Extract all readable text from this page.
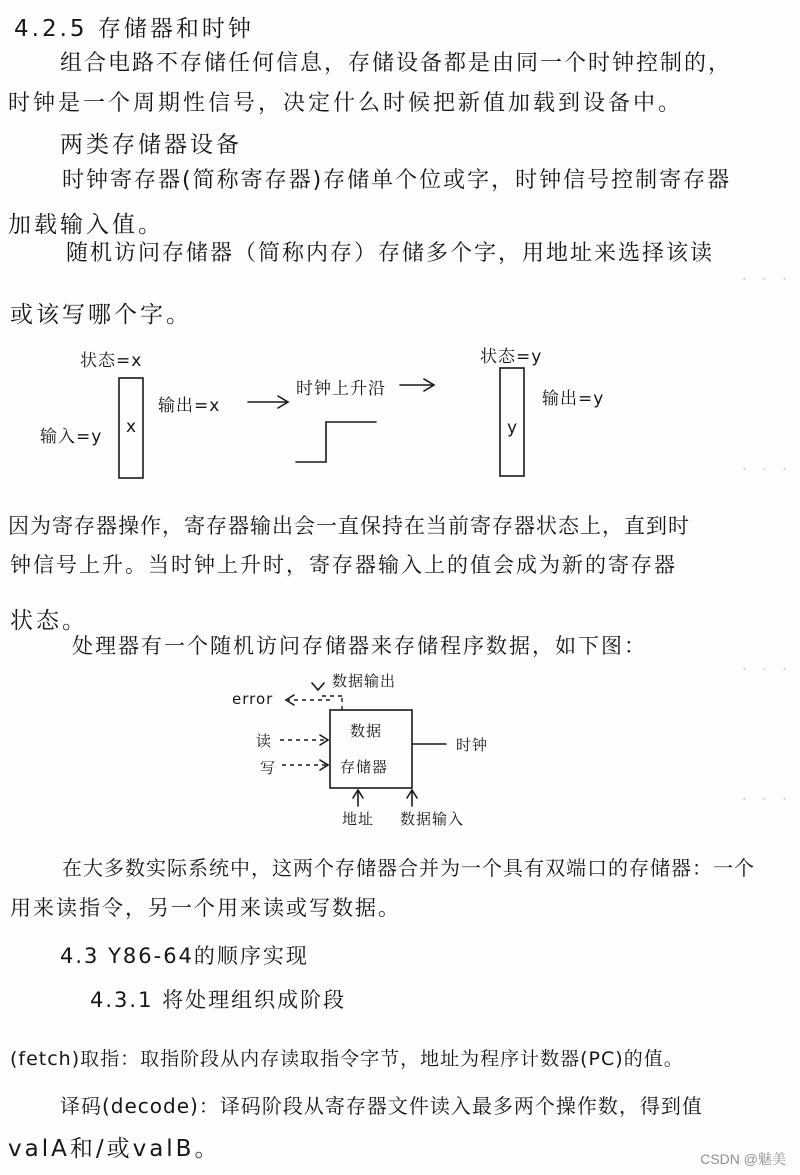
· · ·
· · ·
· · ·
· · ·
4.2.5 存储器和时钟
组合电路不存储任何信息，存储设备都是由同一个时钟控制的，
时钟是一个周期性信号，决定什么时候把新值加载到设备中。
两类存储器设备
时钟寄存器(简称寄存器)存储单个位或字，时钟信号控制寄存器
加载输入值。
随机访问存储器（简称内存）存储多个字，用地址来选择该读
或该写哪个字。
状态=x
输入=y x
输出=x
时钟上升沿
状态=y
y
输出=y
因为寄存器操作，寄存器输出会一直保持在当前寄存器状态上，直到时
钟信号上升。当时钟上升时，寄存器输入上的值会成为新的寄存器
状态。
处理器有一个随机访问存储器来存储程序数据，如下图：
error
数据输出
读
写
数据
存储器
时钟
地址 数据输入
在大多数实际系统中，这两个存储器合并为一个具有双端口的存储器：一个
用来读指令，另一个用来读或写数据。
4.3 Y86-64的顺序实现
4.3.1 将处理组织成阶段
(fetch)取指：取指阶段从内存读取指令字节，地址为程序计数器(PC)的值。
译码(decode)：译码阶段从寄存器文件读入最多两个操作数，得到值
valA和/或valB。	CSDN @魅美
